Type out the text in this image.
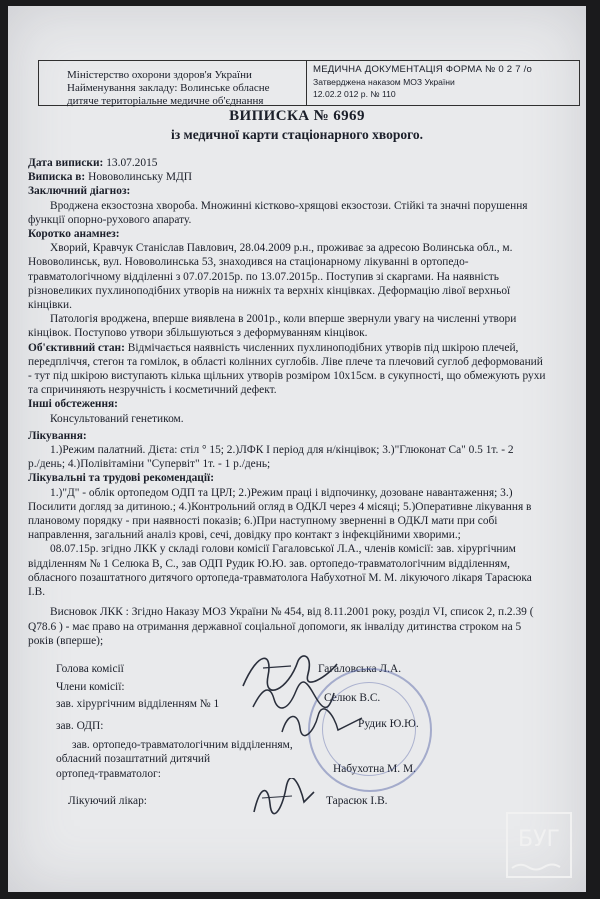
Міністерство охорони здоров'я України
Найменування закладу: Волинське обласне
дитяче територіальне медичне об'єднання
МЕДИЧНА ДОКУМЕНТАЦІЯ ФОРМА № 0 2 7 /о
Затверджена наказом МОЗ України
12.02.2 012 р. № 110
ВИПИСКА № 6969
із медичної карти стаціонарного хворого.
Дата виписки: 13.07.2015
Виписка в: Нововолинську МДП
Заключний діагноз:
Вроджена екзостозна хвороба. Множинні кістково-хрящові екзостози. Стійкі та значні порушення
функції опорно-рухового апарату.
Коротко анамнез:
Хворий, Кравчук Станіслав Павлович, 28.04.2009 р.н., проживає за адресою Волинська обл., м.
Нововолинськ, вул. Нововолинська 53, знаходився на стаціонарному лікуванні в ортопедо-
травматологічному відділенні з 07.07.2015р. по 13.07.2015р.. Поступив зі скаргами. На наявність
різновеликих пухлиноподібних утворів на нижніх та верхніх кінцівках. Деформацію лівої верхньої
кінцівки.
Патологія вроджена, вперше виявлена в 2001р., коли вперше звернули увагу на численні утвори
кінцівок. Поступово утвори збільшуються з деформуванням кінцівок.
Об'єктивний стан: Відмічається наявність численних пухлиноподібних утворів під шкірою плечей,
передпліччя, стегон та гомілок, в області колінних суглобів. Ліве плече та плечовий суглоб деформований
- тут під шкірою виступають кілька щільних утворів розміром 10х15см. в сукупності, що обмежують рухи
та спричиняють незручність і косметичний дефект.
Інші обстеження:
Консультований генетиком.
Лікування:
1.)Режим палатний. Дієта: стіл ° 15; 2.)ЛФК І період для н/кінцівок; 3.)"Глюконат Са" 0.5 1т. - 2
р./день; 4.)Полівітаміни "Супервіт" 1т. - 1 р./день;
Лікувальні та трудові рекомендації:
1.)"Д" - облік ортопедом ОДП та ЦРЛ; 2.)Режим праці і відпочинку, дозоване навантаження; 3.)
Посилити догляд за дитиною.; 4.)Контрольний огляд в ОДКЛ через 4 місяці; 5.)Оперативне лікування в
плановому порядку - при наявності показів; 6.)При наступному зверненні в ОДКЛ мати при собі
направлення, загальний аналіз крові, сечі, довідку про контакт з інфекційними хворими.;
08.07.15р. згідно ЛКК у складі голови комісії Гагаловської Л.А., членів комісії: зав. хірургічним
відділенням № 1 Селюка В, С., зав ОДП Рудик Ю.Ю. зав. ортопедо-травматологічним відділенням,
обласного позаштатного дитячого ортопеда-травматолога Набухотної М. М. лікуючого лікаря Тарасюка
І.В.
Висновок ЛКК : Згідно Наказу МОЗ України № 454, від 8.11.2001 року, розділ VI, список 2, п.2.39 (
Q78.6 ) - має право на отримання державної соціальної допомоги, як інваліду дитинства строком на 5
років (вперше);
Голова комісії	Гагаловська Л.А.
Члени комісії:
зав. хірургічним відділенням № 1	Селюк В.С.
зав. ОДП:	Рудик Ю.Ю.
зав. ортопедо-травматологічним відділенням,
обласний позаштатний дитячий
ортопед-травматолог:	Набухотна М. М.
Лікуючий лікар:	Тарасюк І.В.
БУГ
